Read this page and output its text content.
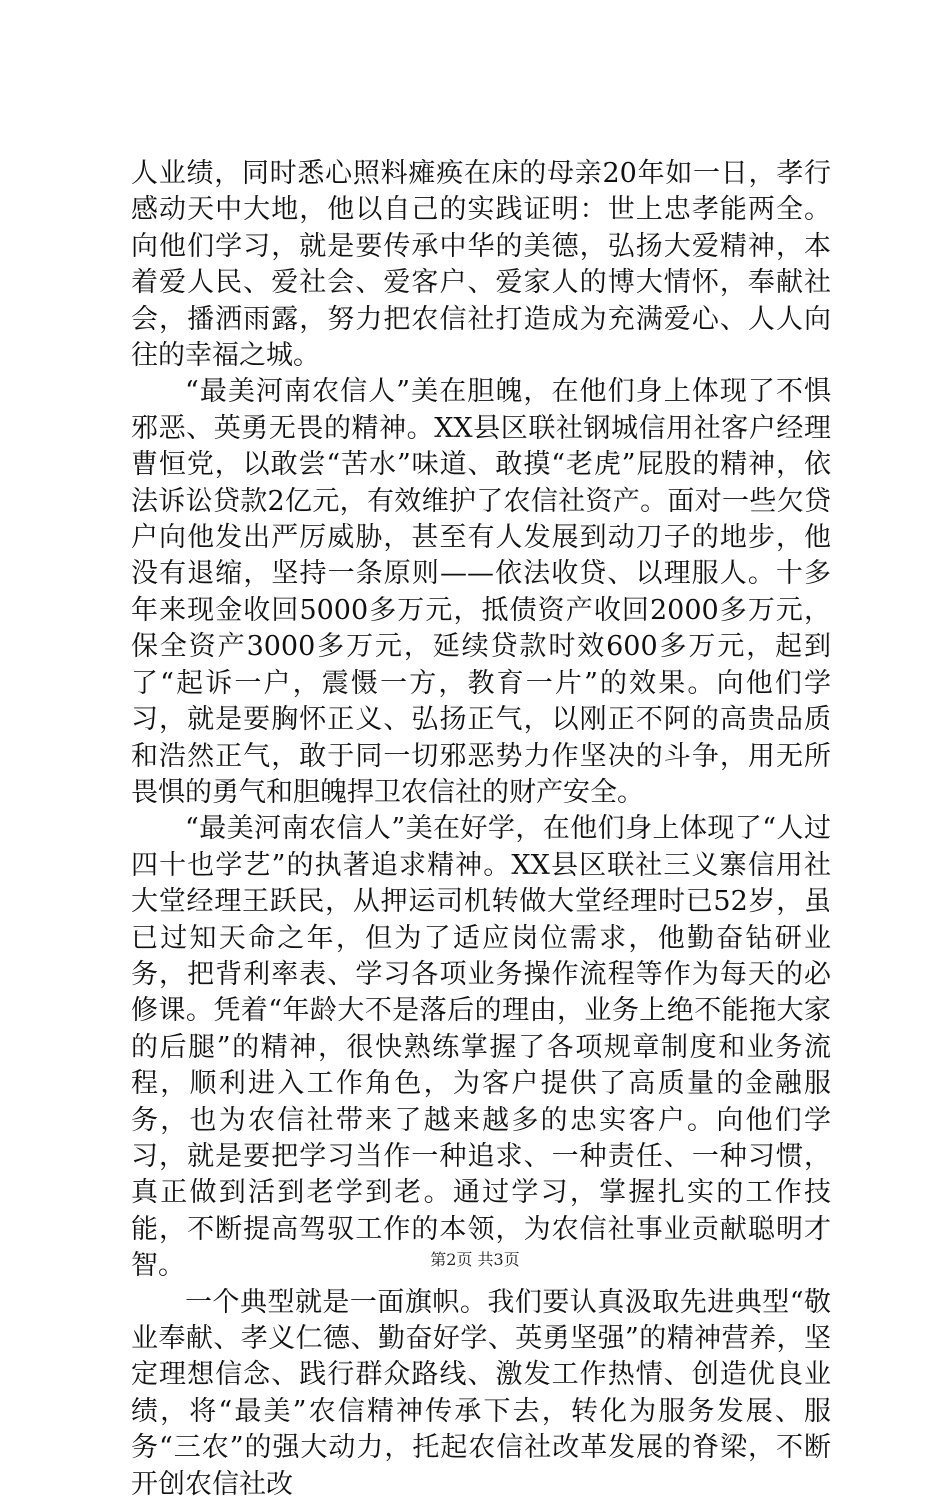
人业绩，同时悉心照料瘫痪在床的母亲20年如一日，孝行感动天中大地，他以自己的实践证明：世上忠孝能两全。向他们学习，就是要传承中华的美德，弘扬大爱精神，本着爱人民、爱社会、爱客户、爱家人的博大情怀，奉献社会，播洒雨露，努力把农信社打造成为充满爱心、人人向往的幸福之城。

“最美河南农信人”美在胆魄，在他们身上体现了不惧邪恶、英勇无畏的精神。XX县区联社钢城信用社客户经理曹恒党，以敢尝“苦水”味道、敢摸“老虎”屁股的精神，依法诉讼贷款2亿元，有效维护了农信社资产。面对一些欠贷户向他发出严厉威胁，甚至有人发展到动刀子的地步，他没有退缩，坚持一条原则——依法收贷、以理服人。十多年来现金收回5000多万元，抵债资产收回2000多万元，保全资产3000多万元，延续贷款时效600多万元，起到了“起诉一户，震慑一方，教育一片”的效果。向他们学习，就是要胸怀正义、弘扬正气，以刚正不阿的高贵品质和浩然正气，敢于同一切邪恶势力作坚决的斗争，用无所畏惧的勇气和胆魄捍卫农信社的财产安全。

“最美河南农信人”美在好学，在他们身上体现了“人过四十也学艺”的执著追求精神。XX县区联社三义寨信用社大堂经理王跃民，从押运司机转做大堂经理时已52岁，虽已过知天命之年，但为了适应岗位需求，他勤奋钻研业务，把背利率表、学习各项业务操作流程等作为每天的必修课。凭着“年龄大不是落后的理由，业务上绝不能拖大家的后腿”的精神，很快熟练掌握了各项规章制度和业务流程，顺利进入工作角色，为客户提供了高质量的金融服务，也为农信社带来了越来越多的忠实客户。向他们学习，就是要把学习当作一种追求、一种责任、一种习惯，真正做到活到老学到老。通过学习，掌握扎实的工作技能，不断提高驾驭工作的本领，为农信社事业贡献聪明才智。

一个典型就是一面旗帜。我们要认真汲取先进典型“敬业奉献、孝义仁德、勤奋好学、英勇坚强”的精神营养，坚定理想信念、践行群众路线、激发工作热情、创造优良业绩，将“最美”农信精神传承下去，转化为服务发展、服务“三农”的强大动力，托起农信社改革发展的脊梁，不断开创农信社改

第2页 共3页
